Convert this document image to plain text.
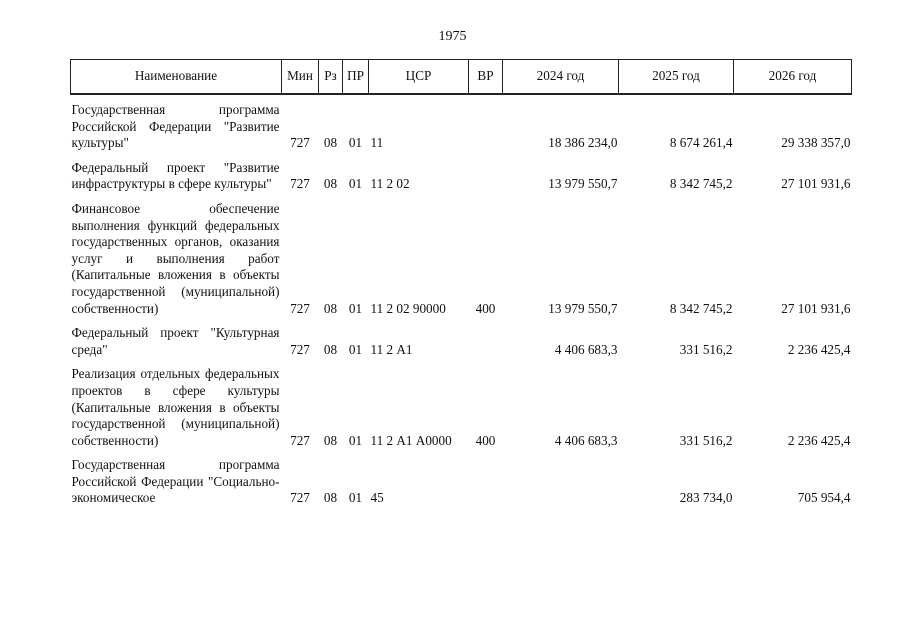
1975
Наименование	Мин	Рз	ПР	ЦСР	ВР	2024 год	2025 год	2026 год

Государственная программа Российской Федерации "Развитие культуры"	727	08	01	11		18 386 234,0	8 674 261,4	29 338 357,0

Федеральный проект "Развитие инфраструктуры в сфере культуры"	727	08	01	11 2 02		13 979 550,7	8 342 745,2	27 101 931,6

Финансовое обеспечение выполнения функций федеральных государственных органов, оказания услуг и выполнения работ (Капитальные вложения в объекты государственной (муниципальной) собственности)	727	08	01	11 2 02 90000	400	13 979 550,7	8 342 745,2	27 101 931,6

Федеральный проект "Культурная среда"	727	08	01	11 2 А1		4 406 683,3	331 516,2	2 236 425,4

Реализация отдельных федеральных проектов в сфере культуры (Капитальные вложения в объекты государственной (муниципальной) собственности)	727	08	01	11 2 А1 А0000	400	4 406 683,3	331 516,2	2 236 425,4

Государственная программа Российской Федерации "Социально-экономическое	727	08	01	45			283 734,0	705 954,4
